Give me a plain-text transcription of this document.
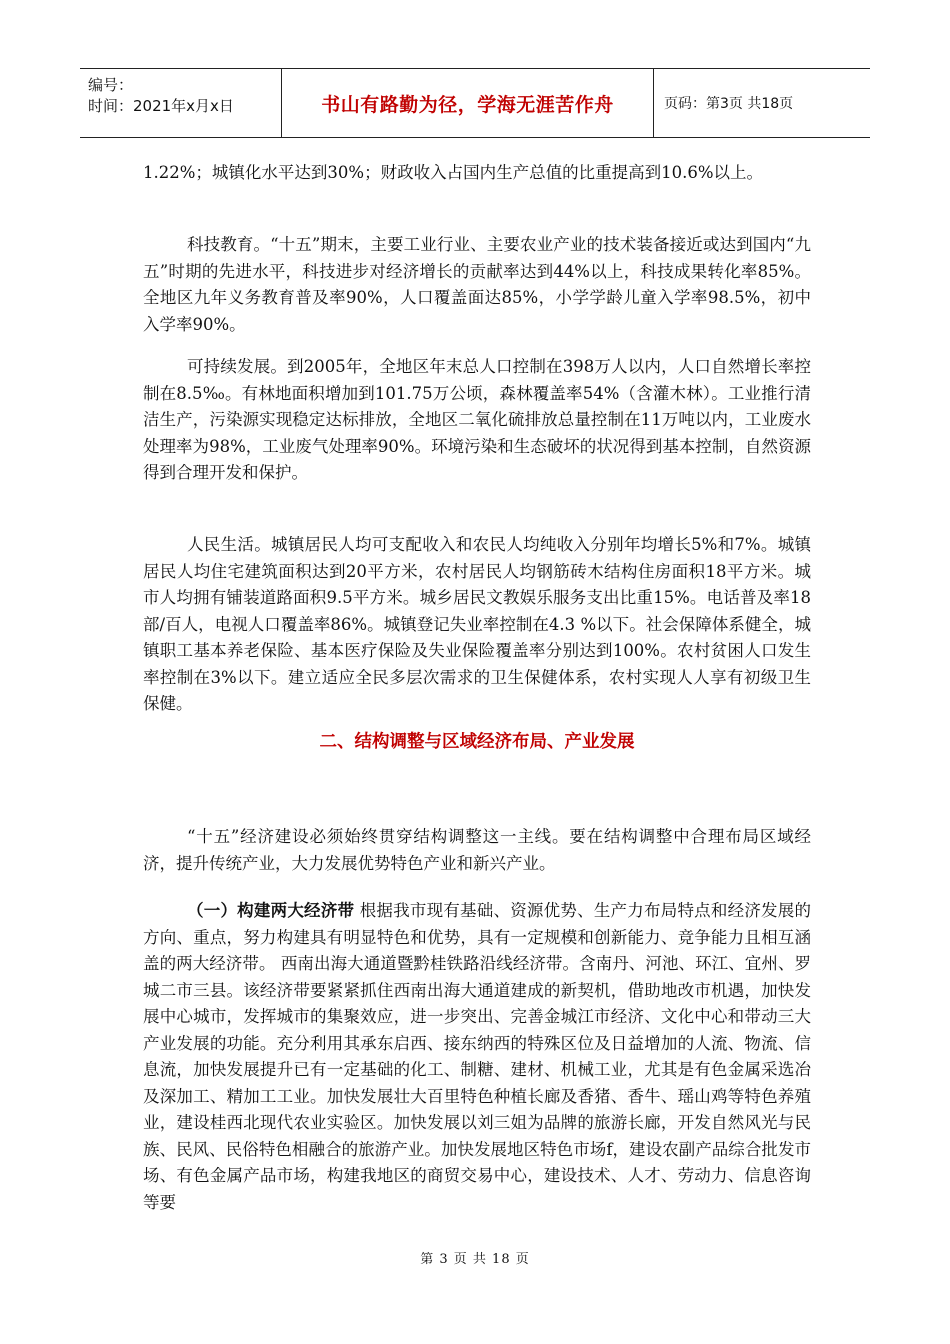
编号：
时间：2021年x月x日	书山有路勤为径，学海无涯苦作舟	页码：第3页 共18页

1.22%；城镇化水平达到30%；财政收入占国内生产总值的比重提高到10.6%以上。

科技教育。“十五”期末，主要工业行业、主要农业产业的技术装备接近或达到国内“九五”时期的先进水平，科技进步对经济增长的贡献率达到44%以上，科技成果转化率85%。全地区九年义务教育普及率90%，人口覆盖面达85%，小学学龄儿童入学率98.5%，初中入学率90%。

可持续发展。到2005年，全地区年末总人口控制在398万人以内，人口自然增长率控制在8.5‰。有林地面积增加到101.75万公顷，森林覆盖率54%（含灌木林）。工业推行清洁生产，污染源实现稳定达标排放，全地区二氧化硫排放总量控制在11万吨以内，工业废水处理率为98%，工业废气处理率90%。环境污染和生态破坏的状况得到基本控制，自然资源得到合理开发和保护。

人民生活。城镇居民人均可支配收入和农民人均纯收入分别年均增长5%和7%。城镇居民人均住宅建筑面积达到20平方米，农村居民人均钢筋砖木结构住房面积18平方米。城市人均拥有铺装道路面积9.5平方米。城乡居民文教娱乐服务支出比重15%。电话普及率18部/百人，电视人口覆盖率86%。城镇登记失业率控制在4.3 %以下。社会保障体系健全，城镇职工基本养老保险、基本医疗保险及失业保险覆盖率分别达到100%。农村贫困人口发生率控制在3%以下。建立适应全民多层次需求的卫生保健体系，农村实现人人享有初级卫生保健。

二、结构调整与区域经济布局、产业发展

“十五”经济建设必须始终贯穿结构调整这一主线。要在结构调整中合理布局区域经济，提升传统产业，大力发展优势特色产业和新兴产业。

（一）构建两大经济带 根据我市现有基础、资源优势、生产力布局特点和经济发展的方向、重点，努力构建具有明显特色和优势，具有一定规模和创新能力、竞争能力且相互涵盖的两大经济带。 西南出海大通道暨黔桂铁路沿线经济带。含南丹、河池、环江、宜州、罗城二市三县。该经济带要紧紧抓住西南出海大通道建成的新契机，借助地改市机遇，加快发展中心城市，发挥城市的集聚效应，进一步突出、完善金城江市经济、文化中心和带动三大产业发展的功能。充分利用其承东启西、接东纳西的特殊区位及日益增加的人流、物流、信息流，加快发展提升已有一定基础的化工、制糖、建材、机械工业，尤其是有色金属采选冶及深加工、精加工工业。加快发展壮大百里特色种植长廊及香猪、香牛、瑶山鸡等特色养殖业，建设桂西北现代农业实验区。加快发展以刘三姐为品牌的旅游长廊，开发自然风光与民族、民风、民俗特色相融合的旅游产业。加快发展地区特色市场f，建设农副产品综合批发市场、有色金属产品市场，构建我地区的商贸交易中心，建设技术、人才、劳动力、信息咨询等要

第 3 页 共 18 页
